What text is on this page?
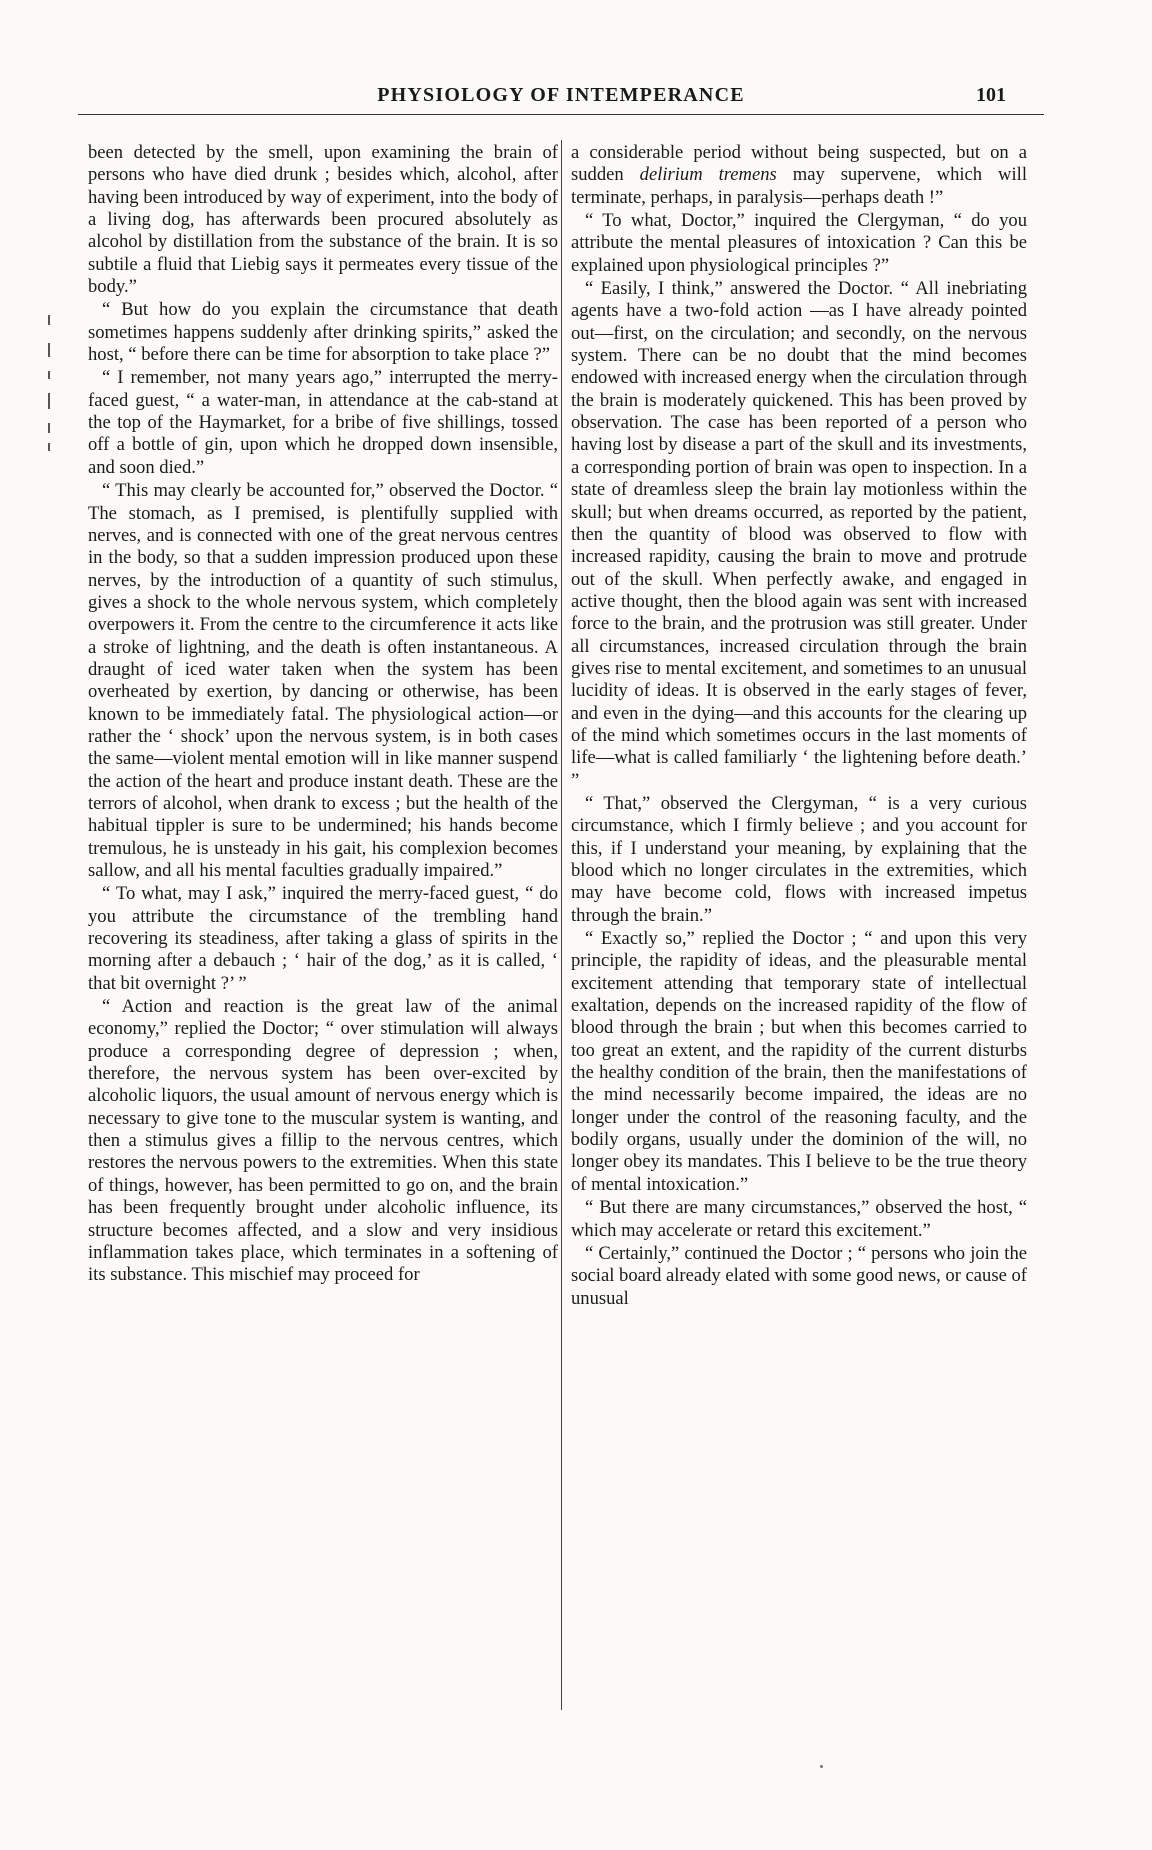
PHYSIOLOGY OF INTEMPERANCE	101

been detected by the smell, upon examining the brain of persons who have died drunk ; besides which, alcohol, after having been introduced by way of experiment, into the body of a living dog, has afterwards been procured absolutely as alcohol by distillation from the substance of the brain. It is so subtile a fluid that Liebig says it permeates every tissue of the body.”

“ But how do you explain the circumstance that death sometimes happens suddenly after drinking spirits,” asked the host, “ before there can be time for absorption to take place ?”

“ I remember, not many years ago,” interrupted the merry-faced guest, “ a water-man, in attendance at the cab-stand at the top of the Haymarket, for a bribe of five shillings, tossed off a bottle of gin, upon which he dropped down insensible, and soon died.”

“ This may clearly be accounted for,” observed the Doctor. “ The stomach, as I premised, is plentifully supplied with nerves, and is connected with one of the great nervous centres in the body, so that a sudden impression produced upon these nerves, by the introduction of a quantity of such stimulus, gives a shock to the whole nervous system, which completely overpowers it. From the centre to the circumference it acts like a stroke of lightning, and the death is often instantaneous. A draught of iced water taken when the system has been overheated by exertion, by dancing or otherwise, has been known to be immediately fatal. The physiological action—or rather the ‘ shock’ upon the nervous system, is in both cases the same—violent mental emotion will in like manner suspend the action of the heart and produce instant death. These are the terrors of alcohol, when drank to excess ; but the health of the habitual tippler is sure to be undermined; his hands become tremulous, he is unsteady in his gait, his complexion becomes sallow, and all his mental faculties gradually impaired.”

“ To what, may I ask,” inquired the merry-faced guest, “ do you attribute the circumstance of the trembling hand recovering its steadiness, after taking a glass of spirits in the morning after a debauch ; ‘ hair of the dog,’ as it is called, ‘ that bit overnight ?’ ”

“ Action and reaction is the great law of the animal economy,” replied the Doctor; “ over stimulation will always produce a corresponding degree of depression ; when, therefore, the nervous system has been over-excited by alcoholic liquors, the usual amount of nervous energy which is necessary to give tone to the muscular system is wanting, and then a stimulus gives a fillip to the nervous centres, which restores the nervous powers to the extremities. When this state of things, however, has been permitted to go on, and the brain has been frequently brought under alcoholic influence, its structure becomes affected, and a slow and very insidious inflammation takes place, which terminates in a softening of its substance. This mischief may proceed for

a considerable period without being suspected, but on a sudden delirium tremens may supervene, which will terminate, perhaps, in paralysis—perhaps death !”

“ To what, Doctor,” inquired the Clergyman, “ do you attribute the mental pleasures of intoxication ? Can this be explained upon physiological principles ?”

“ Easily, I think,” answered the Doctor. “ All inebriating agents have a two-fold action —as I have already pointed out—first, on the circulation; and secondly, on the nervous system. There can be no doubt that the mind becomes endowed with increased energy when the circulation through the brain is moderately quickened. This has been proved by observation. The case has been reported of a person who having lost by disease a part of the skull and its investments, a corresponding portion of brain was open to inspection. In a state of dreamless sleep the brain lay motionless within the skull; but when dreams occurred, as reported by the patient, then the quantity of blood was observed to flow with increased rapidity, causing the brain to move and protrude out of the skull. When perfectly awake, and engaged in active thought, then the blood again was sent with increased force to the brain, and the protrusion was still greater. Under all circumstances, increased circulation through the brain gives rise to mental excitement, and sometimes to an unusual lucidity of ideas. It is observed in the early stages of fever, and even in the dying—and this accounts for the clearing up of the mind which sometimes occurs in the last moments of life—what is called familiarly ‘ the lightening before death.’ ”

“ That,” observed the Clergyman, “ is a very curious circumstance, which I firmly believe ; and you account for this, if I understand your meaning, by explaining that the blood which no longer circulates in the extremities, which may have become cold, flows with increased impetus through the brain.”

“ Exactly so,” replied the Doctor ; “ and upon this very principle, the rapidity of ideas, and the pleasurable mental excitement attending that temporary state of intellectual exaltation, depends on the increased rapidity of the flow of blood through the brain ; but when this becomes carried to too great an extent, and the rapidity of the current disturbs the healthy condition of the brain, then the manifestations of the mind necessarily become impaired, the ideas are no longer under the control of the reasoning faculty, and the bodily organs, usually under the dominion of the will, no longer obey its mandates. This I believe to be the true theory of mental intoxication.”

“ But there are many circumstances,” observed the host, “ which may accelerate or retard this excitement.”

“ Certainly,” continued the Doctor ; “ persons who join the social board already elated with some good news, or cause of unusual
